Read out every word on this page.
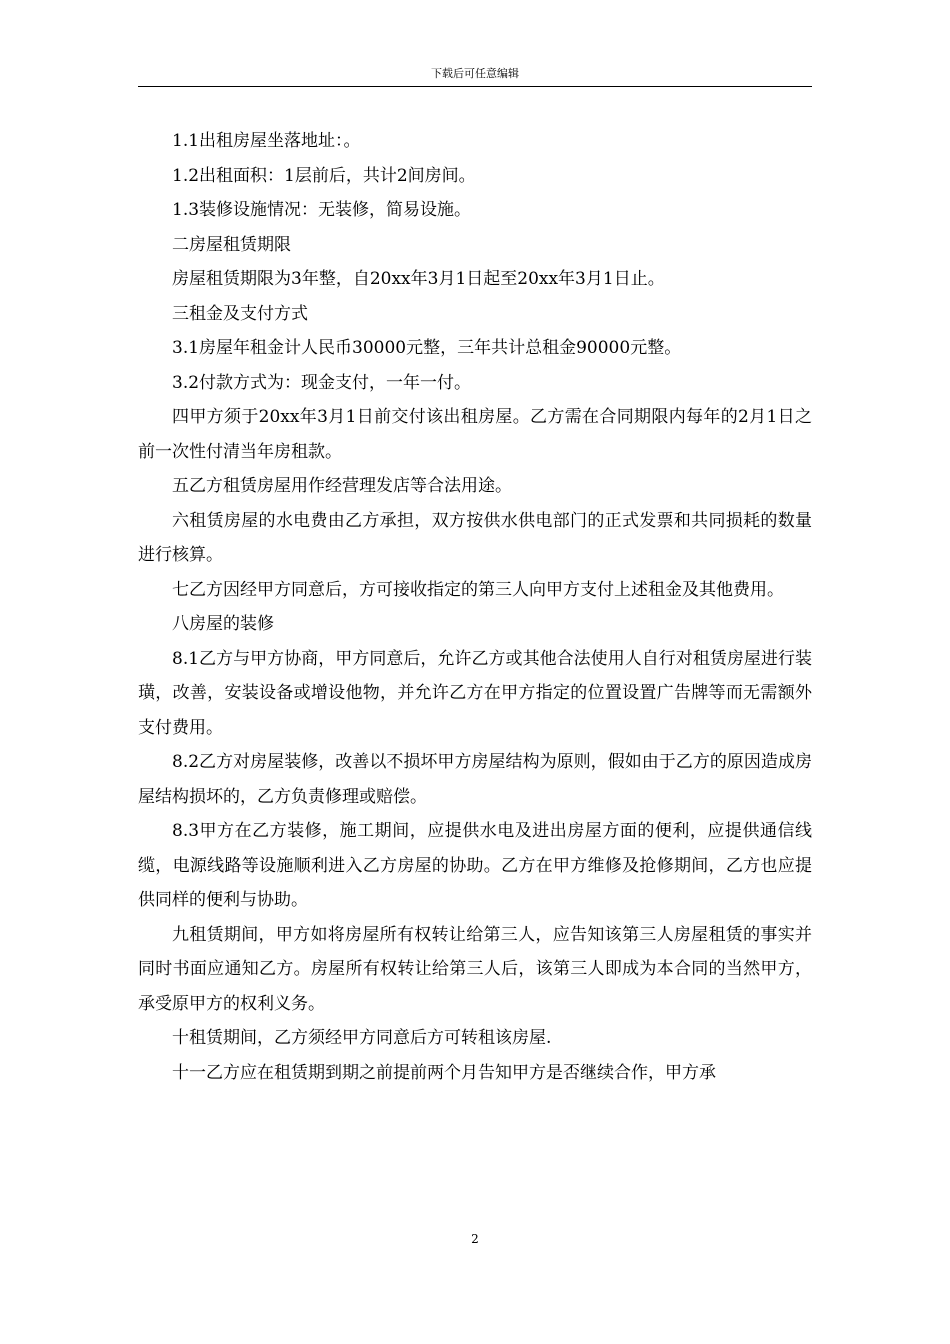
下载后可任意编辑

1.1出租房屋坐落地址：。

1.2出租面积：1层前后，共计2间房间。

1.3装修设施情况：无装修，简易设施。

二房屋租赁期限

房屋租赁期限为3年整，自20xx年3月1日起至20xx年3月1日止。

三租金及支付方式

3.1房屋年租金计人民币30000元整，三年共计总租金90000元整。

3.2付款方式为：现金支付，一年一付。

四甲方须于20xx年3月1日前交付该出租房屋。乙方需在合同期限内每年的2月1日之前一次性付清当年房租款。

五乙方租赁房屋用作经营理发店等合法用途。

六租赁房屋的水电费由乙方承担，双方按供水供电部门的正式发票和共同损耗的数量进行核算。

七乙方因经甲方同意后，方可接收指定的第三人向甲方支付上述租金及其他费用。

八房屋的装修

8.1乙方与甲方协商，甲方同意后，允许乙方或其他合法使用人自行对租赁房屋进行装璜，改善，安装设备或增设他物，并允许乙方在甲方指定的位置设置广告牌等而无需额外支付费用。

8.2乙方对房屋装修，改善以不损坏甲方房屋结构为原则，假如由于乙方的原因造成房屋结构损坏的，乙方负责修理或赔偿。

8.3甲方在乙方装修，施工期间，应提供水电及进出房屋方面的便利，应提供通信线缆，电源线路等设施顺利进入乙方房屋的协助。乙方在甲方维修及抢修期间，乙方也应提供同样的便利与协助。

九租赁期间，甲方如将房屋所有权转让给第三人，应告知该第三人房屋租赁的事实并同时书面应通知乙方。房屋所有权转让给第三人后，该第三人即成为本合同的当然甲方，承受原甲方的权利义务。

十租赁期间，乙方须经甲方同意后方可转租该房屋.

十一乙方应在租赁期到期之前提前两个月告知甲方是否继续合作，甲方承

2
